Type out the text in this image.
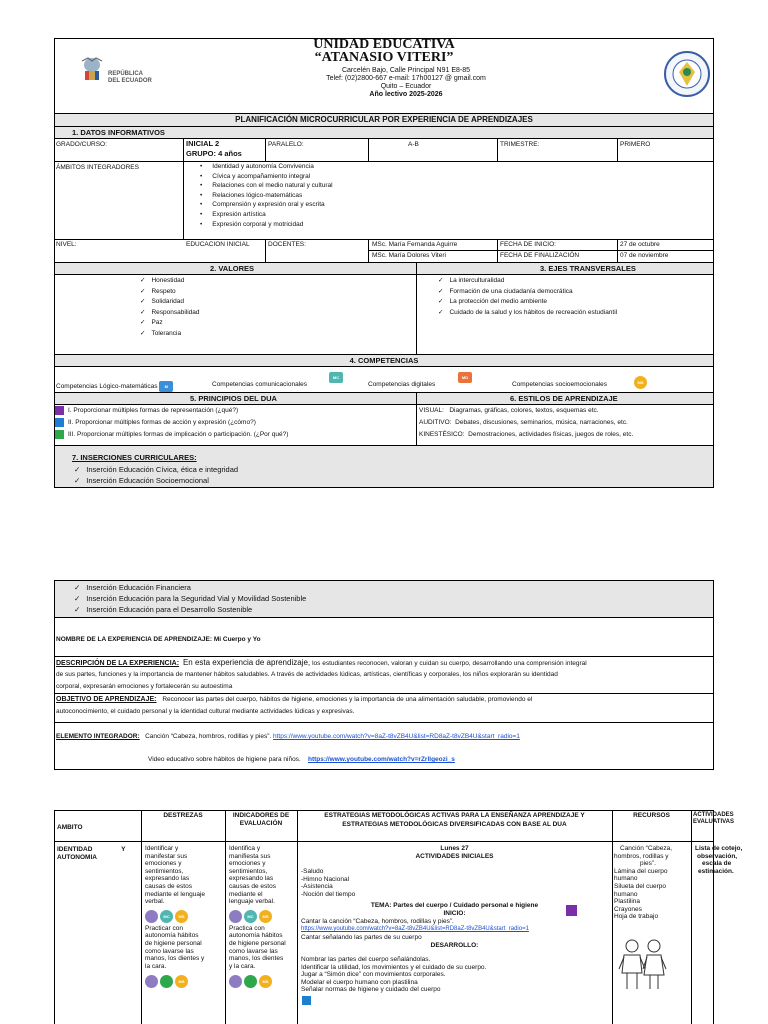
REPÚBLICA
DEL ECUADOR
UNIDAD EDUCATIVA
“ATANASIO VITERI”
Carcelén Bajo, Calle Principal N91 E8-85
Telef: (02)2800-667 e-mail: 17h00127 @ gmail.com
Quito – Ecuador
Año lectivo 2025-2026
PLANIFICACIÓN MICROCURRICULAR POR EXPERIENCIA DE APRENDIZAJES
1. DATOS INFORMATIVOS
GRADO/CURSO:	INICIAL 2
GRUPO: 4 años
PARALELO:	A-B	TRIMESTRE:	PRIMERO
ÁMBITOS INTEGRADORES
•	Identidad y autonomía Convivencia
• Cívica y acompañamiento integral
• Relaciones con el medio natural y cultural
• Relaciones lógico-matemáticas
• Comprensión y expresión oral y escrita
• Expresión artística
• Expresión corporal y motricidad
NIVEL:	EDUCACION INICIAL	DOCENTES:	MSc. María Fernanda Aguirre
MSc. María Dolores Viteri
FECHA DE INICIO:
FECHA DE FINALIZACIÓN
27 de octubre
07 de noviembre
2. VALORES	3. EJES TRANSVERSALES
✓ Honestidad
✓ Respeto
✓ Solidaridad
✓ Responsabilidad
✓ Paz
✓ Tolerancia
✓ La interculturalidad
✓ Formación de una ciudadanía democrática
✓ La protección del medio ambiente
✓ Cuidado de la salud y los hábitos de recreación estudiantil
4. COMPETENCIAS
Competencias Lógico-matemáticas M	Competencias comunicacionales
MC
Competencias digitales
MD
Competencias socioemocionales	MS
5. PRINCIPIOS DEL DUA	6. ESTILOS DE APRENDIZAJE
I. Proporcionar múltiples formas de representación (¿qué?)
II. Proporcionar múltiples formas de acción y expresión (¿cómo?)
III. Proporcionar múltiples formas de implicación o participación. (¿Por qué?)
VISUAL: Diagramas, gráficas, colores, textos, esquemas etc.
AUDITIVO: Debates, discusiones, seminarios, música, narraciones, etc.
KINESTÉSICO: Demostraciones, actividades físicas, juegos de roles, etc.
7. INSERCIONES CURRICULARES:
✓ Inserción Educación Cívica, ética e integridad
✓ Inserción Educación Socioemocional
✓ Inserción Educación Financiera
✓ Inserción Educación para la Seguridad Vial y Movilidad Sostenible
✓ Inserción Educación para el Desarrollo Sostenible
NOMBRE DE LA EXPERIENCIA DE APRENDIZAJE: Mi Cuerpo y Yo
DESCRIPCIÓN DE LA EXPERIENCIA: En esta experiencia de aprendizaje, los estudiantes reconocen, valoran y cuidan su cuerpo, desarrollando una comprensión integral
de sus partes, funciones y la importancia de mantener hábitos saludables. A través de actividades lúdicas, artísticas, científicas y corporales, los niños explorarán su identidad
corporal, expresarán emociones y fortalecerán su autoestima
OBJETIVO DE APRENDIZAJE: Reconocer las partes del cuerpo, hábitos de higiene, emociones y la importancia de una alimentación saludable, promoviendo el
autoconocimiento, el cuidado personal y la identidad cultural mediante actividades lúdicas y expresivas.
ELEMENTO INTEGRADOR: Canción “Cabeza, hombros, rodillas y pies”. https://www.youtube.com/watch?v=8aZ-t8vZB4U&list=RD8aZ-t8vZB4U&start_radio=1
Video educativo sobre hábitos de higiene para niños. https://www.youtube.com/watch?v=rZrllgeozi_s
AMBITO
DESTREZAS	INDICADORES DE EVALUACIÓN
ESTRATEGIAS METODOLÓGICAS ACTIVAS PARA LA ENSEÑANZA APRENDIZAJE Y
ESTRATEGIAS METODOLÓGICAS DIVERSIFICADAS CON BASE AL DUA
RECURSOS	ACTIVIDADES EVALUATIVAS
IDENTIDAD                Y AUTONOMIA
Identificar y
manifestar sus
emociones y
sentimientos,
expresando las
causas de estos
mediante el lenguaje
verbal.
MC MS
Practicar con
autonomía hábitos
de higiene personal
como lavarse las
manos, los dientes y
la cara.
MS
Identifica y
manifiesta sus
emociones y
sentimientos,
expresando las
causas de estos
mediante el
lenguaje verbal.
MC MS
Practica con
autonomía hábitos
de higiene personal
como lavarse las
manos, los dientes
y la cara.
MS
Lunes 27
ACTIVIDADES INICIALES
-Saludo
-Himno Nacional
-Asistencia
-Noción del tiempo
TEMA: Partes del cuerpo / Cuidado personal e higiene
INICIO:
Cantar la canción “Cabeza, hombros, rodillas y pies”.
https://www.youtube.com/watch?v=8aZ-t8vZB4U&list=RD8aZ-t8vZB4U&start_radio=1
Cantar señalando las partes de su cuerpo
DESARROLLO:
Nombrar las partes del cuerpo señalándolas.
Identificar la utilidad, los movimientos y el cuidado de su cuerpo.
Jugar a “Simón dice” con movimientos corporales.
Modelar el cuerpo humano con plastilina
Señalar normas de higiene y cuidado del cuerpo
Canción “Cabeza,
hombros, rodillas y
pies”.
Lámina del cuerpo
humano
Silueta del cuerpo
humano
Plastilina
Crayones
Hoja de trabajo
Lista de cotejo,
observación,
escala de
estimación.
